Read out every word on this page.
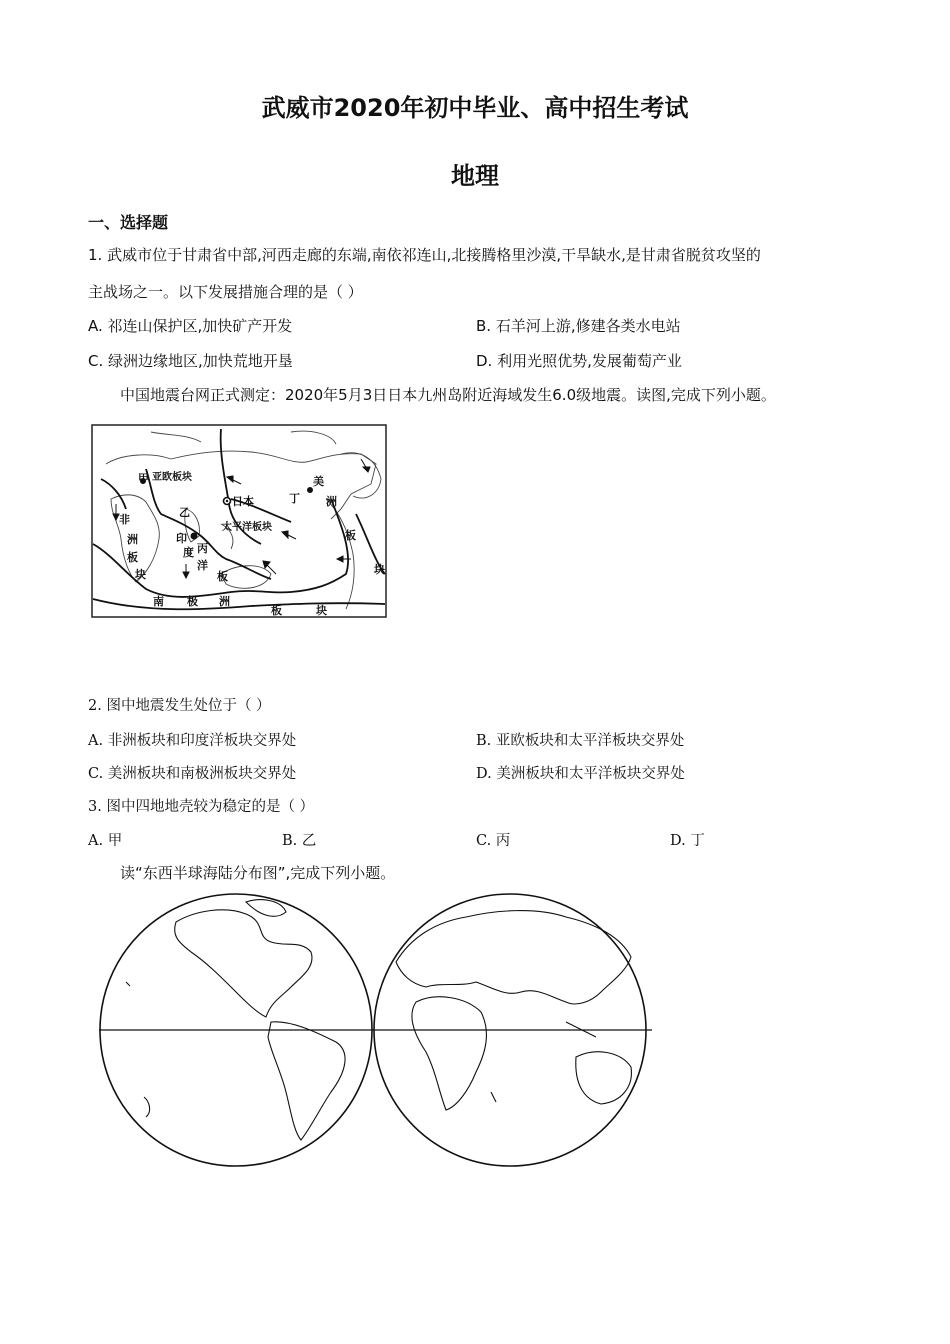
武威市2020年初中毕业、高中招生考试
地理
一、选择题
1. 武威市位于甘肃省中部,河西走廊的东端,南依祁连山,北接腾格里沙漠,干旱缺水,是甘肃省脱贫攻坚的
主战场之一。以下发展措施合理的是（ ）
A. 祁连山保护区,加快矿产开发	B. 石羊河上游,修建各类水电站
C. 绿洲边缘地区,加快荒地开垦	D. 利用光照优势,发展葡萄产业
中国地震台网正式测定：2020年5月3日日本九州岛附近海域发生6.0级地震。读图,完成下列小题。
甲 亚欧板块
乙
日本	丁
美
洲
板
块
非
洲
板
块
印
度 丙
洋
板
太平洋板块
南 极 洲
板	块
2. 图中地震发生处位于（ ）
A. 非洲板块和印度洋板块交界处	B. 亚欧板块和太平洋板块交界处
C. 美洲板块和南极洲板块交界处	D. 美洲板块和太平洋板块交界处
3. 图中四地地壳较为稳定的是（ ）
A. 甲	B. 乙	C. 丙	D. 丁
读“东西半球海陆分布图”,完成下列小题。
